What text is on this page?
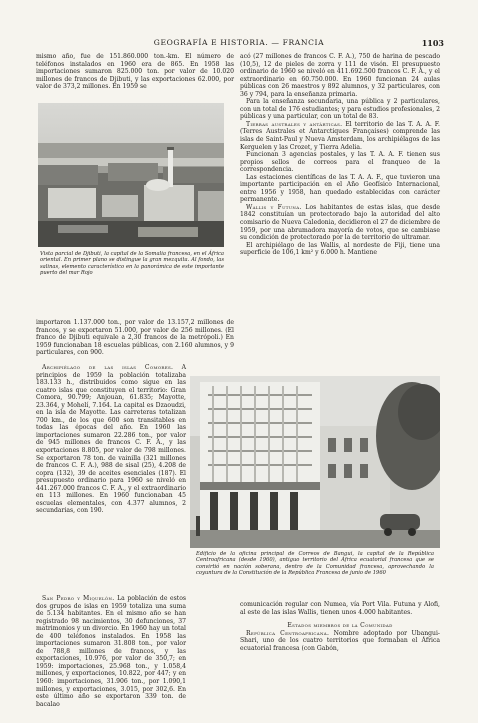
GEOGRAFÍA E HISTORIA. — FRANCIA	1103

mismo año, fue de 151.860.000 ton.-km. El número de teléfonos instalados en 1960 era de 865. En 1958 las importaciones sumaron 825.000 ton. por valor de 10.020 millones de francos de Djibuti, y las exportaciones 62.000, por valor de 373,2 millones. En 1959 se

Vista parcial de Djibuti, la capital de la Somalia francesa, en el África oriental. En primer plano se distingue la gran mezquita. Al fondo, las salinas, elemento característico en la panorámica de este importante puerto del mar Rojo

importaron 1.137.000 ton., por valor de 13.157,2 millones de francos, y se exportaron 51.000, por valor de 256 millones. (El franco de Djibuti equivale a 2,30 francos de la metrópoli.) En 1959 funcionaban 18 escuelas públicas, con 2.160 alumnos, y 9 particulares, con 900.

Archipiélago de las islas Comores. A principios de 1959 la población totalizaba 183.133 h., distribuidos como sigue en las cuatro islas que constituyen el territorio: Gran Comora, 90.799; Anjouan, 61.835; Mayotte, 23.364, y Mohelí, 7.164. La capital es Dzaoudzi, en la isla de Mayotte. Las carreteras totalizan 700 km., de los que 600 son transitables en todas las épocas del año. En 1960 las importaciones sumaron 22.286 ton., por valor de 945 millones de francos C. F. A., y las exportaciones 8.805, por valor de 798 millones. Se exportaron 78 ton. de vainilla (321 millones de francos C. F. A.), 988 de sisal (25), 4.208 de copra (132), 39 de aceites esenciales (187). El presupuesto ordinario para 1960 se niveló en 441.267.000 francos C. F. A., y el extraordinario en 113 millones. En 1960 funcionaban 45 escuelas elementales, con 4.377 alumnos, 2 secundarias, con 190.

San Pedro y Miquelón. La población de estos dos grupos de islas en 1959 totaliza una suma de 5.134 habitantes. En el mismo año se han registrado 98 nacimientos, 30 defunciones, 37 matrimonios y un divorcio. En 1960 hay un total de 400 teléfonos instalados. En 1958 las importaciones sumaron 31.808 ton., por valor de 788,8 millones de francos, y las exportaciones, 10.976, por valor de 350,7; en 1959: importaciones, 25.968 ton., y 1.058,4 millones, y exportaciones, 10.822, por 447; y en 1960: importaciones, 31.906 ton., por 1.090,1 millones, y exportaciones, 3.015, por 302,6. En este último año se exportaron 339 ton. de bacalao

acó (27 millones de francos C. F. A.), 750 de harina de pescado (10,5), 12 de pieles de zorra y 111 de visón. El presupuesto ordinario de 1960 se niveló en 411.692.500 francos C. F. A., y el extraordinario en 60.750.000. En 1960 funcionan 24 aulas públicas con 26 maestros y 892 alumnos, y 32 particulares, con 36 y 794, para la enseñanza primaria.

Para la enseñanza secundaria, una pública y 2 particulares, con un total de 176 estudiantes; y para estudios profesionales, 2 públicas y una particular, con un total de 83.

Tierras australes y antárticas. El territorio de las T. A. A. F. (Terres Australes et Antarctiques Françaises) comprende las islas de Saint-Paul y Nueva Amsterdam, los archipiélagos de las Kerguelen y las Crozet, y Tierra Adelia.

Funcionan 3 agencias postales, y las T. A. A. F. tienen sus propios sellos de correos para el franqueo de la correspondencia.

Las estaciones científicas de las T. A. A. F., que tuvieron una importante participación en el Año Geofísico Internacional, entre 1956 y 1958, han quedado establecidas con carácter permanente.

Wallis y Futuna. Los habitantes de estas islas, que desde 1842 constituían un protectorado bajo la autoridad del alto comisario de Nueva Caledonia, decidieron el 27 de diciembre de 1959, por una abrumadora mayoría de votos, que se cambiase su condición de protectorado por la de territorio de ultramar.

El archipiélago de las Wallis, al nordeste de Fiji, tiene una superficie de 106,1 km² y 6.000 h. Mantiene

Edificio de la oficina principal de Correos de Bangui, la capital de la República Centroafricana (desde 1960), antiguo territorio del África ecuatorial francesa que se convirtió en nación soberana, dentro de la Comunidad francesa, aprovechando la coyuntura de la Constitución de la República Francesa de junio de 1960

comunicación regular con Numea, vía Port Vila. Futuna y Alofi, al este de las islas Wallis, tienen unos 4.000 habitantes.

Estados miembros de la Comunidad

República Centroafricana. Nombre adoptado por Ubangui-Shari, uno de los cuatro territorios que formaban el África ecuatorial francesa (con Gabón,
